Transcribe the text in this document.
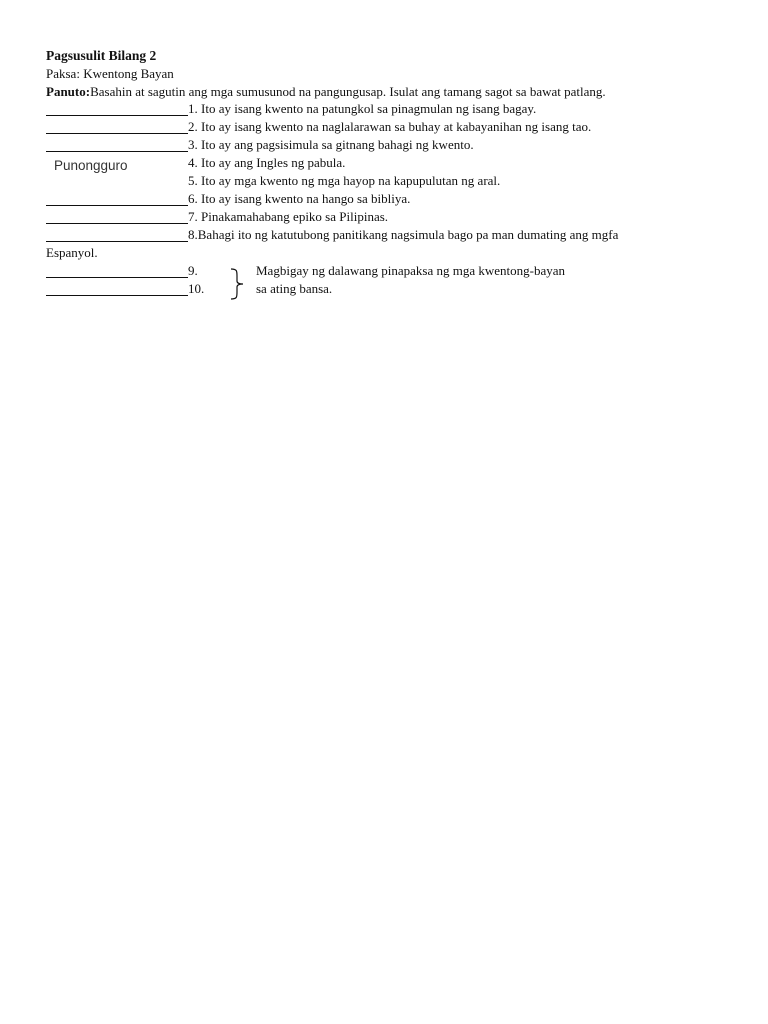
Pagsusulit Bilang 2
Paksa: Kwentong Bayan
Panuto:Basahin at sagutin ang mga sumusunod na pangungusap. Isulat ang tamang sagot sa bawat patlang.
1. Ito ay isang kwento na patungkol sa pinagmulan ng isang bagay.
2. Ito ay isang kwento na naglalarawan sa buhay at kabayanihan ng isang tao.
3. Ito ay ang pagsisimula sa gitnang bahagi ng kwento.
Punongguro	4. Ito ay ang Ingles ng pabula.
5. Ito ay mga kwento ng mga hayop na kapupulutan ng aral.
6. Ito ay isang kwento na hango sa bibliya.
7. Pinakamahabang epiko sa Pilipinas.
8.Bahagi ito ng katutubong panitikang nagsimula bago pa man dumating ang mgfa
Espanyol.
9.
10.
Magbigay ng dalawang pinapaksa ng mga kwentong-bayan
sa ating bansa.
